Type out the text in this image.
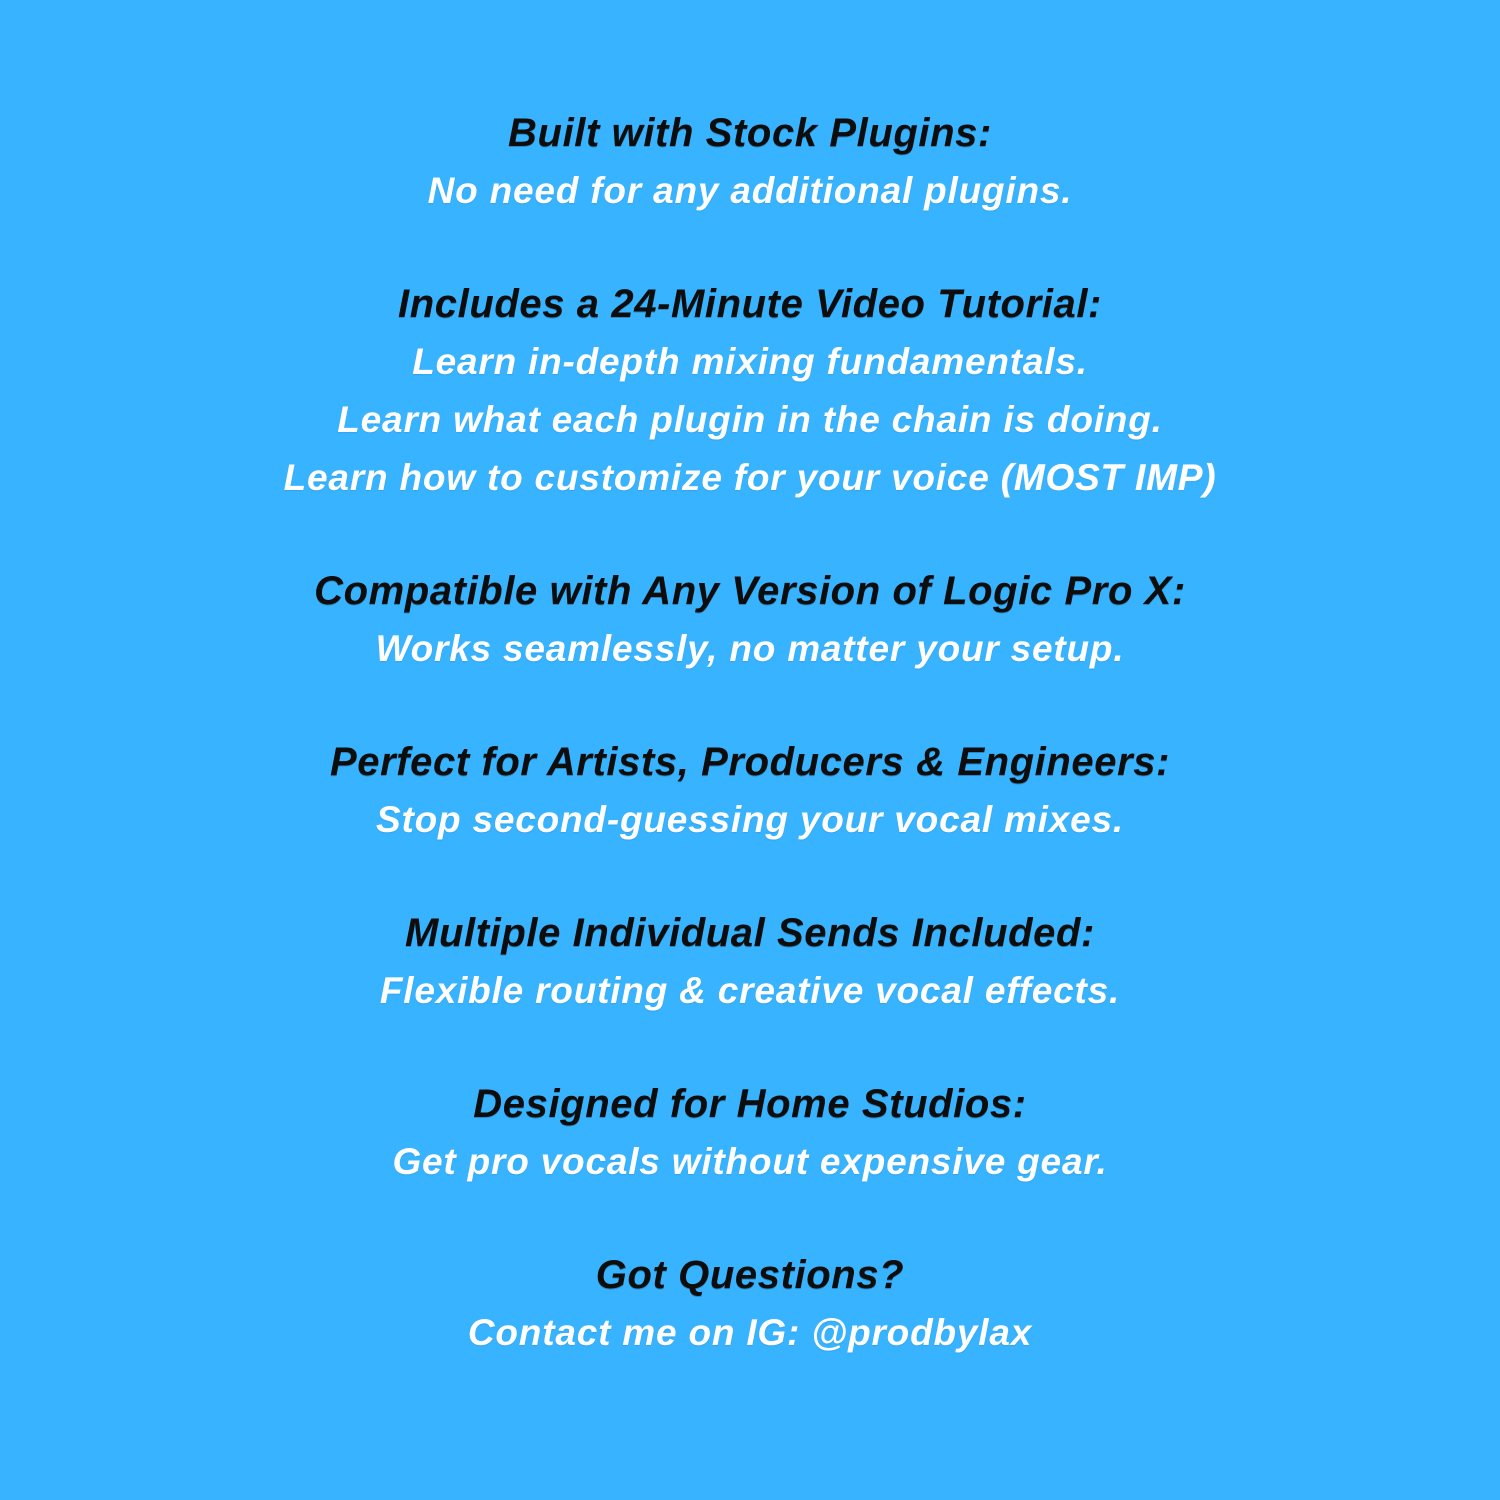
Built with Stock Plugins:
No need for any additional plugins.
Includes a 24-Minute Video Tutorial:
Learn in-depth mixing fundamentals.
Learn what each plugin in the chain is doing.
Learn how to customize for your voice (MOST IMP)
Compatible with Any Version of Logic Pro X:
Works seamlessly, no matter your setup.
Perfect for Artists, Producers & Engineers:
Stop second-guessing your vocal mixes.
Multiple Individual Sends Included:
Flexible routing & creative vocal effects.
Designed for Home Studios:
Get pro vocals without expensive gear.
Got Questions?
Contact me on IG: @prodbylax
